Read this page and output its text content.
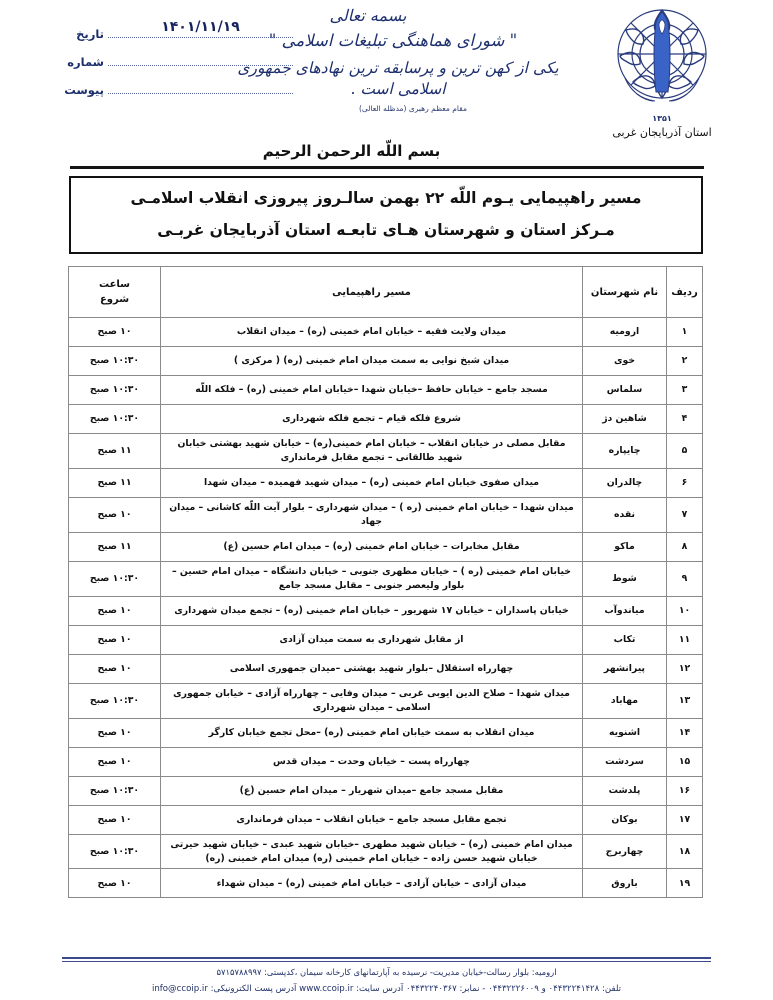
تاریخ	۱۴۰۱/۱۱/۱۹
شماره
پیوست
بسمه تعالی
" شورای هماهنگی تبلیغات اسلامی "
یکی از کهن ترین و پرسابقه ترین نهادهای جمهوری اسلامی است .
مقام معظم رهبری (مدظله العالی)
۱۳۵۱
استان آذربایجان غربی
بسم اللّه الرحمن الرحیم
مسیر راهپیمایی یـوم اللّه ۲۲ بهمن سالـروز پیروزی انقلاب اسلامـی
مـرکز استان و شهرستان هـای تابعـه استان آذربایجان غربـی
ردیف	نام شهرستان	مسیر راهپیمایی	ساعت
شروع

۱	ارومیه	میدان ولایت فقیه – خیابان امام خمینی (ره) – میدان انقلاب	۱۰ صبح
۲	خوی	میدان شیخ نوایی به سمت میدان امام خمینی (ره) ( مرکزی )	۱۰:۳۰ صبح
۳	سلماس	مسجد جامع – خیابان حافظ –خیابان شهدا –خیابان امام خمینی (ره) – فلکه اللّه	۱۰:۳۰ صبح
۴	شاهین دژ	شروع فلکه قیام – تجمع فلکه شهرداری	۱۰:۳۰ صبح
۵	چایپاره	مقابل مصلی در خیابان انقلاب – خیابان امام خمینی(ره) – خیابان شهید بهشتی خیابان شهید طالقانی – تجمع مقابل فرمانداری	۱۱ صبح
۶	چالدران	میدان صفوی خیابان امام خمینی (ره) – میدان شهید فهمیده – میدان شهدا	۱۱ صبح
۷	نقده	میدان شهدا – خیابان امام خمینی (ره ) – میدان شهرداری – بلوار آیت اللّه کاشانی – میدان جهاد	۱۰ صبح
۸	ماکو	مقابل مخابرات – خیابان امام خمینی (ره) – میدان امام حسین (ع)	۱۱ صبح
۹	شوط	خیابان امام خمینی (ره ) – خیابان مطهری جنوبی – خیابان دانشگاه – میدان امام حسین – بلوار ولیعصر جنوبی – مقابل مسجد جامع	۱۰:۳۰ صبح
۱۰	میاندوآب	خیابان پاسداران – خیابان ۱۷ شهریور – خیابان امام خمینی (ره) – تجمع میدان شهرداری	۱۰ صبح
۱۱	تکاب	از مقابل شهرداری به سمت میدان آزادی	۱۰ صبح
۱۲	پیرانشهر	چهارراه استقلال –بلوار شهید بهشتی –میدان جمهوری اسلامی	۱۰ صبح
۱۳	مهاباد	میدان شهدا – صلاح الدین ایوبی غربی – میدان وفایی – چهارراه آزادی – خیابان جمهوری اسلامی – میدان شهرداری	۱۰:۳۰ صبح
۱۴	اشنویه	میدان انقلاب به سمت خیابان امام خمینی (ره) –محل تجمع خیابان کارگر	۱۰ صبح
۱۵	سردشت	چهارراه پست – خیابان وحدت – میدان قدس	۱۰ صبح
۱۶	پلدشت	مقابل مسجد جامع –میدان شهریار – میدان امام حسین (ع)	۱۰:۳۰ صبح
۱۷	بوکان	تجمع مقابل مسجد جامع – خیابان انقلاب – میدان فرمانداری	۱۰ صبح
۱۸	چهاربرج	میدان امام خمینی (ره) – خیابان شهید مطهری –خیابان شهید عبدی – خیابان شهید حیرتی خیابان شهید حسن زاده – خیابان امام خمینی (ره) میدان امام خمینی (ره)	۱۰:۳۰ صبح
۱۹	باروق	میدان آزادی – خیابان آزادی – خیابان امام خمینی (ره) – میدان شهداء	۱۰ صبح
ارومیه: بلوار رسالت-خیابان مدیریت- نرسیده به آپارتمانهای کارخانه سیمان ،کدپستی: ۵۷۱۵۷۸۸۹۹۷
تلفن: ۰۴۴۳۲۲۴۱۴۲۸ و ۰۴۴۳۲۲۲۶۰۰۹ - نمابر: ۰۴۴۳۲۲۴۰۳۶۷ آدرس سایت: www.ccoip.ir آدرس پست الکترونیکی: info@ccoip.ir
